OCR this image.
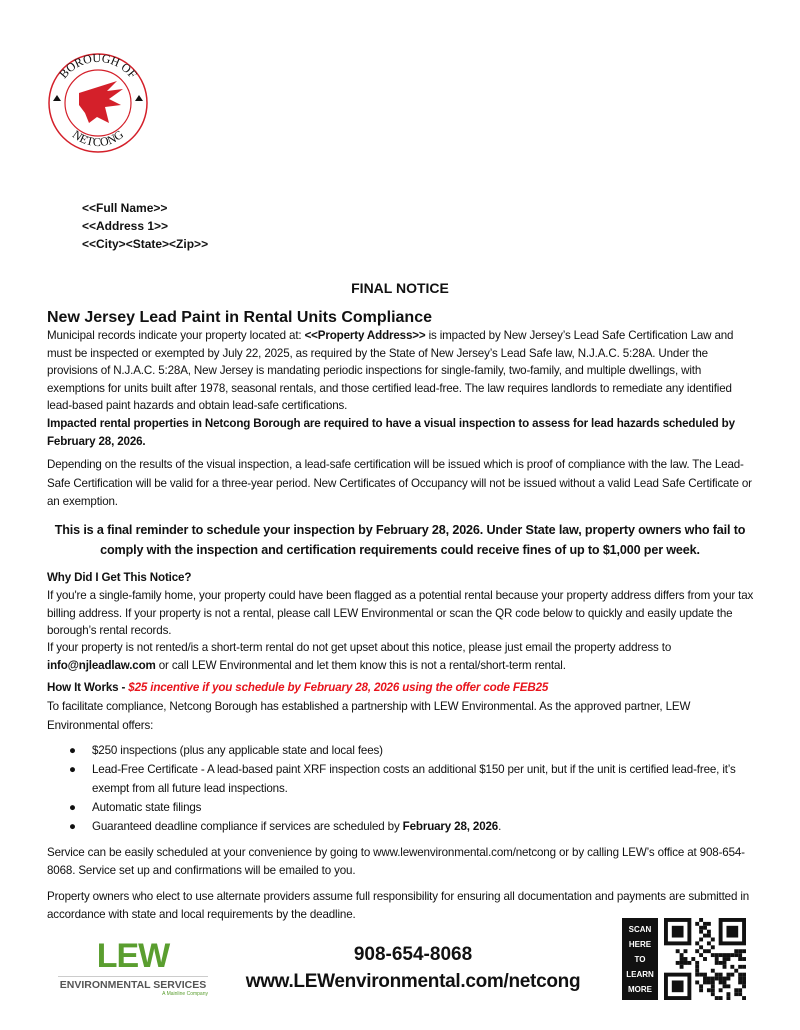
BOROUGH OF
NETCONG
<<Full Name>>
<<Address 1>>
<<City><State><Zip>>
FINAL NOTICE
New Jersey Lead Paint in Rental Units Compliance
Municipal records indicate your property located at: <<Property Address>> is impacted by New Jersey’s Lead Safe Certification Law and must be inspected or exempted by July 22, 2025, as required by the State of New Jersey’s Lead Safe law, N.J.A.C. 5:28A. Under the provisions of N.J.A.C. 5:28A, New Jersey is mandating periodic inspections for single-family, two-family, and multiple dwellings, with exemptions for units built after 1978, seasonal rentals, and those certified lead-free. The law requires landlords to remediate any identified lead-based paint hazards and obtain lead-safe certifications.
Impacted rental properties in Netcong Borough are required to have a visual inspection to assess for lead hazards scheduled by February 28, 2026.
Depending on the results of the visual inspection, a lead-safe certification will be issued which is proof of compliance with the law. The Lead-Safe Certification will be valid for a three-year period. New Certificates of Occupancy will not be issued without a valid Lead Safe Certificate or an exemption.
This is a final reminder to schedule your inspection by February 28, 2026. Under State law, property owners who fail to comply with the inspection and certification requirements could receive fines of up to $1,000 per week.
Why Did I Get This Notice?
If you're a single-family home, your property could have been flagged as a potential rental because your property address differs from your tax billing address. If your property is not a rental, please call LEW Environmental or scan the QR code below to quickly and easily update the borough’s rental records.
If your property is not rented/is a short-term rental do not get upset about this notice, please just email the property address to info@njleadlaw.com or call LEW Environmental and let them know this is not a rental/short-term rental.
How It Works - $25 incentive if you schedule by February 28, 2026 using the offer code FEB25
To facilitate compliance, Netcong Borough has established a partnership with LEW Environmental. As the approved partner, LEW Environmental offers:
● $250 inspections (plus any applicable state and local fees)
● Lead-Free Certificate - A lead-based paint XRF inspection costs an additional $150 per unit, but if the unit is certified lead-free, it’s exempt from all future lead inspections.
● Automatic state filings
● Guaranteed deadline compliance if services are scheduled by February 28, 2026.
Service can be easily scheduled at your convenience by going to www.lewenvironmental.com/netcong or by calling LEW’s office at 908-654-8068. Service set up and confirmations will be emailed to you.
Property owners who elect to use alternate providers assume full responsibility for ensuring all documentation and payments are submitted in accordance with state and local requirements by the deadline.
LEW
ENVIRONMENTAL SERVICES
A Mainline Company
908-654-8068
www.LEWenvironmental.com/netcong
SCAN
HERE
TO
LEARN
MORE
